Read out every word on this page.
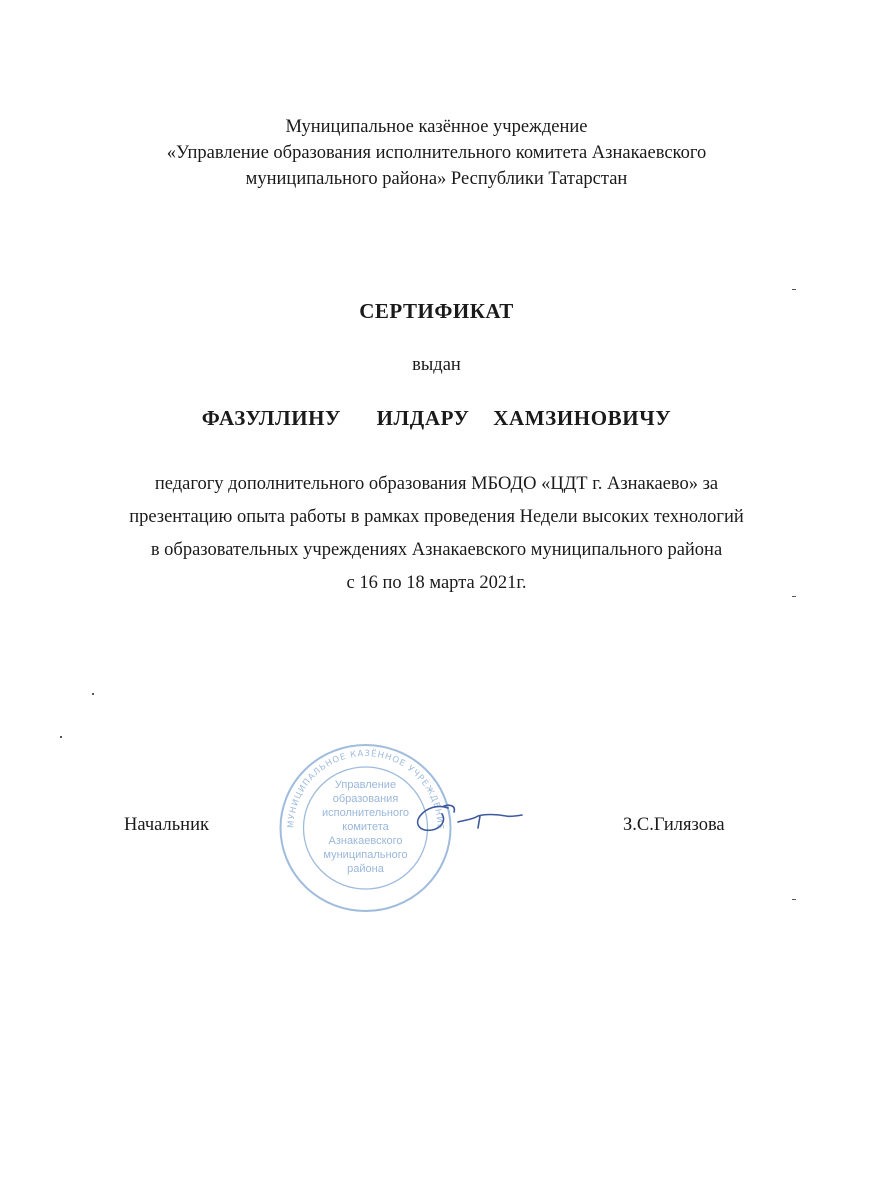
Муниципальное казённое учреждение
«Управление образования исполнительного комитета Азнакаевского
муниципального района» Республики Татарстан
СЕРТИФИКАТ
выдан
ФАЗУЛЛИНУ   ИЛДАРУ  ХАМЗИНОВИЧУ
педагогу дополнительного образования МБОДО «ЦДТ г. Азнакаево» за
презентацию опыта работы в рамках проведения Недели высоких технологий
в образовательных учреждениях Азнакаевского муниципального района
с 16 по 18 марта 2021г.
Начальник	З.С.Гилязова
МУНИЦИПАЛЬНОЕ КАЗЁННОЕ УЧРЕЖДЕНИЕ
Управление
образования
исполнительного
комитета
Азнакаевского
муниципального
района
